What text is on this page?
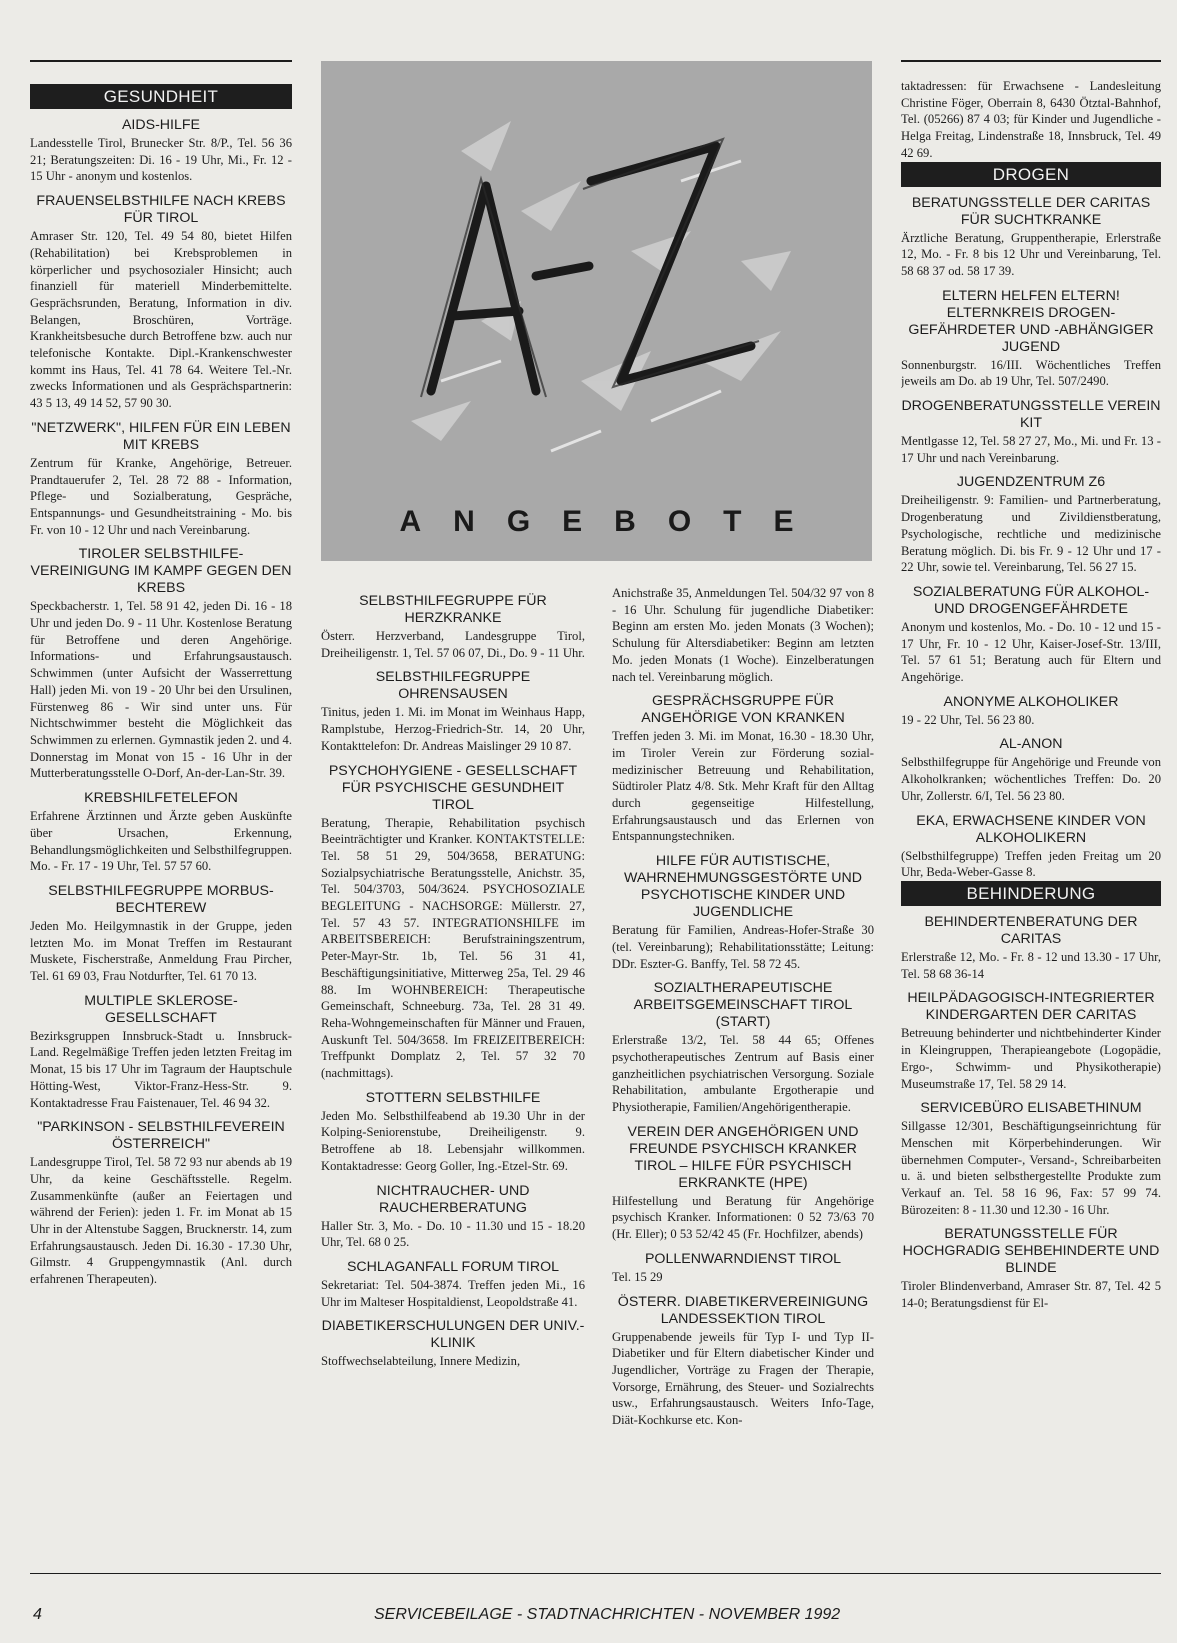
GESUNDHEIT
AIDS-HILFE
Landesstelle Tirol, Brunecker Str. 8/P., Tel. 56 36 21; Beratungszeiten: Di. 16 - 19 Uhr, Mi., Fr. 12 - 15 Uhr - anonym und kostenlos.
FRAUENSELBSTHILFE NACH KREBS FÜR TIROL
Amraser Str. 120, Tel. 49 54 80, bietet Hilfen (Rehabilitation) bei Krebsproblemen in körperlicher und psychosozialer Hinsicht; auch finanziell für materiell Minderbemittelte. Gesprächsrunden, Beratung, Information in div. Belangen, Broschüren, Vorträge. Krankheitsbesuche durch Betroffene bzw. auch nur telefonische Kontakte. Dipl.-Krankenschwester kommt ins Haus, Tel. 41 78 64. Weitere Tel.-Nr. zwecks Informationen und als Gesprächspartnerin: 43 5 13, 49 14 52, 57 90 30.
"NETZWERK", HILFEN FÜR EIN LEBEN MIT KREBS
Zentrum für Kranke, Angehörige, Betreuer. Prandtauerufer 2, Tel. 28 72 88 - Information, Pflege- und Sozialberatung, Gespräche, Entspannungs- und Gesundheitstraining - Mo. bis Fr. von 10 - 12 Uhr und nach Vereinbarung.
TIROLER SELBSTHILFE-VEREINIGUNG IM KAMPF GEGEN DEN KREBS
Speckbacherstr. 1, Tel. 58 91 42, jeden Di. 16 - 18 Uhr und jeden Do. 9 - 11 Uhr. Kostenlose Beratung für Betroffene und deren Angehörige. Informations- und Erfahrungsaustausch. Schwimmen (unter Aufsicht der Wasserrettung Hall) jeden Mi. von 19 - 20 Uhr bei den Ursulinen, Fürstenweg 86 - Wir sind unter uns. Für Nichtschwimmer besteht die Möglichkeit das Schwimmen zu erlernen. Gymnastik jeden 2. und 4. Donnerstag im Monat von 15 - 16 Uhr in der Mutterberatungsstelle O-Dorf, An-der-Lan-Str. 39.
KREBSHILFETELEFON
Erfahrene Ärztinnen und Ärzte geben Auskünfte über Ursachen, Erkennung, Behandlungsmöglichkeiten und Selbsthilfegruppen. Mo. - Fr. 17 - 19 Uhr, Tel. 57 57 60.
SELBSTHILFEGRUPPE MORBUS-BECHTEREW
Jeden Mo. Heilgymnastik in der Gruppe, jeden letzten Mo. im Monat Treffen im Restaurant Muskete, Fischerstraße, Anmeldung Frau Pircher, Tel. 61 69 03, Frau Notdurfter, Tel. 61 70 13.
MULTIPLE SKLEROSE-GESELLSCHAFT
Bezirksgruppen Innsbruck-Stadt u. Innsbruck-Land. Regelmäßige Treffen jeden letzten Freitag im Monat, 15 bis 17 Uhr im Tagraum der Hauptschule Hötting-West, Viktor-Franz-Hess-Str. 9. Kontaktadresse Frau Faistenauer, Tel. 46 94 32.
"PARKINSON - SELBSTHILFEVEREIN ÖSTERREICH"
Landesgruppe Tirol, Tel. 58 72 93 nur abends ab 19 Uhr, da keine Geschäftsstelle. Regelm. Zusammenkünfte (außer an Feiertagen und während der Ferien): jeden 1. Fr. im Monat ab 15 Uhr in der Altenstube Saggen, Brucknerstr. 14, zum Erfahrungsaustausch. Jeden Di. 16.30 - 17.30 Uhr, Gilmstr. 4 Gruppengymnastik (Anl. durch erfahrenen Therapeuten).
ANGEBOTE
SELBSTHILFEGRUPPE FÜR HERZKRANKE
Österr. Herzverband, Landesgruppe Tirol, Dreiheiligenstr. 1, Tel. 57 06 07, Di., Do. 9 - 11 Uhr.
SELBSTHILFEGRUPPE OHRENSAUSEN
Tinitus, jeden 1. Mi. im Monat im Weinhaus Happ, Ramplstube, Herzog-Friedrich-Str. 14, 20 Uhr, Kontakttelefon: Dr. Andreas Maislinger 29 10 87.
PSYCHOHYGIENE - GESELLSCHAFT FÜR PSYCHISCHE GESUNDHEIT TIROL
Beratung, Therapie, Rehabilitation psychisch Beeinträchtigter und Kranker. KONTAKTSTELLE: Tel. 58 51 29, 504/3658, BERATUNG: Sozialpsychiatrische Beratungsstelle, Anichstr. 35, Tel. 504/3703, 504/3624. PSYCHOSOZIALE BEGLEITUNG - NACHSORGE: Müllerstr. 27, Tel. 57 43 57. INTEGRATIONSHILFE im ARBEITSBEREICH: Berufstrainingszentrum, Peter-Mayr-Str. 1b, Tel. 56 31 41, Beschäftigungsinitiative, Mitterweg 25a, Tel. 29 46 88. Im WOHNBEREICH: Therapeutische Gemeinschaft, Schneeburg. 73a, Tel. 28 31 49. Reha-Wohngemeinschaften für Männer und Frauen, Auskunft Tel. 504/3658. Im FREIZEITBEREICH: Treffpunkt Domplatz 2, Tel. 57 32 70 (nachmittags).
STOTTERN SELBSTHILFE
Jeden Mo. Selbsthilfeabend ab 19.30 Uhr in der Kolping-Seniorenstube, Dreiheiligenstr. 9. Betroffene ab 18. Lebensjahr willkommen. Kontaktadresse: Georg Goller, Ing.-Etzel-Str. 69.
NICHTRAUCHER- UND RAUCHERBERATUNG
Haller Str. 3, Mo. - Do. 10 - 11.30 und 15 - 18.20 Uhr, Tel. 68 0 25.
SCHLAGANFALL FORUM TIROL
Sekretariat: Tel. 504-3874. Treffen jeden Mi., 16 Uhr im Malteser Hospitaldienst, Leopoldstraße 41.
DIABETIKERSCHULUNGEN DER UNIV.-KLINIK
Stoffwechselabteilung, Innere Medizin,
Anichstraße 35, Anmeldungen Tel. 504/32 97 von 8 - 16 Uhr. Schulung für jugendliche Diabetiker: Beginn am ersten Mo. jeden Monats (3 Wochen); Schulung für Altersdiabetiker: Beginn am letzten Mo. jeden Monats (1 Woche). Einzelberatungen nach tel. Vereinbarung möglich.
GESPRÄCHSGRUPPE FÜR ANGEHÖRIGE VON KRANKEN
Treffen jeden 3. Mi. im Monat, 16.30 - 18.30 Uhr, im Tiroler Verein zur Förderung sozial-medizinischer Betreuung und Rehabilitation, Südtiroler Platz 4/8. Stk. Mehr Kraft für den Alltag durch gegenseitige Hilfestellung, Erfahrungsaustausch und das Erlernen von Entspannungstechniken.
HILFE FÜR AUTISTISCHE, WAHRNEHMUNGSGESTÖRTE UND PSYCHOTISCHE KINDER UND JUGENDLICHE
Beratung für Familien, Andreas-Hofer-Straße 30 (tel. Vereinbarung); Rehabilitationsstätte; Leitung: DDr. Eszter-G. Banffy, Tel. 58 72 45.
SOZIALTHERAPEUTISCHE ARBEITSGEMEINSCHAFT TIROL (START)
Erlerstraße 13/2, Tel. 58 44 65; Offenes psychotherapeutisches Zentrum auf Basis einer ganzheitlichen psychiatrischen Versorgung. Soziale Rehabilitation, ambulante Ergotherapie und Physiotherapie, Familien/Angehörigentherapie.
VEREIN DER ANGEHÖRIGEN UND FREUNDE PSYCHISCH KRANKER TIROL – HILFE FÜR PSYCHISCH ERKRANKTE (HPE)
Hilfestellung und Beratung für Angehörige psychisch Kranker. Informationen: 0 52 73/63 70 (Hr. Eller); 0 53 52/42 45 (Fr. Hochfilzer, abends)
POLLENWARNDIENST TIROL
Tel. 15 29
ÖSTERR. DIABETIKERVEREINIGUNG LANDESSEKTION TIROL
Gruppenabende jeweils für Typ I- und Typ II-Diabetiker und für Eltern diabetischer Kinder und Jugendlicher, Vorträge zu Fragen der Therapie, Vorsorge, Ernährung, des Steuer- und Sozialrechts usw., Erfahrungsaustausch. Weiters Info-Tage, Diät-Kochkurse etc. Kon-
taktadressen: für Erwachsene - Landesleitung Christine Föger, Oberrain 8, 6430 Ötztal-Bahnhof, Tel. (05266) 87 4 03; für Kinder und Jugendliche - Helga Freitag, Lindenstraße 18, Innsbruck, Tel. 49 42 69.
DROGEN
BERATUNGSSTELLE DER CARITAS FÜR SUCHTKRANKE
Ärztliche Beratung, Gruppentherapie, Erlerstraße 12, Mo. - Fr. 8 bis 12 Uhr und Vereinbarung, Tel. 58 68 37 od. 58 17 39.
ELTERN HELFEN ELTERN! ELTERNKREIS DROGEN-GEFÄHRDETER UND -ABHÄNGIGER JUGEND
Sonnenburgstr. 16/III. Wöchentliches Treffen jeweils am Do. ab 19 Uhr, Tel. 507/2490.
DROGENBERATUNGSSTELLE VEREIN KIT
Mentlgasse 12, Tel. 58 27 27, Mo., Mi. und Fr. 13 - 17 Uhr und nach Vereinbarung.
JUGENDZENTRUM Z6
Dreiheiligenstr. 9: Familien- und Partnerberatung, Drogenberatung und Zivildienstberatung, Psychologische, rechtliche und medizinische Beratung möglich. Di. bis Fr. 9 - 12 Uhr und 17 - 22 Uhr, sowie tel. Vereinbarung, Tel. 56 27 15.
SOZIALBERATUNG FÜR ALKOHOL- UND DROGENGEFÄHRDETE
Anonym und kostenlos, Mo. - Do. 10 - 12 und 15 - 17 Uhr, Fr. 10 - 12 Uhr, Kaiser-Josef-Str. 13/III, Tel. 57 61 51; Beratung auch für Eltern und Angehörige.
ANONYME ALKOHOLIKER
19 - 22 Uhr, Tel. 56 23 80.
AL-ANON
Selbsthilfegruppe für Angehörige und Freunde von Alkoholkranken; wöchentliches Treffen: Do. 20 Uhr, Zollerstr. 6/I, Tel. 56 23 80.
EKA, ERWACHSENE KINDER VON ALKOHOLIKERN
(Selbsthilfegruppe) Treffen jeden Freitag um 20 Uhr, Beda-Weber-Gasse 8.
BEHINDERUNG
BEHINDERTENBERATUNG DER CARITAS
Erlerstraße 12, Mo. - Fr. 8 - 12 und 13.30 - 17 Uhr, Tel. 58 68 36-14
HEILPÄDAGOGISCH-INTEGRIERTER KINDERGARTEN DER CARITAS
Betreuung behinderter und nichtbehinderter Kinder in Kleingruppen, Therapieangebote (Logopädie, Ergo-, Schwimm- und Physikotherapie) Museumstraße 17, Tel. 58 29 14.
SERVICEBÜRO ELISABETHINUM
Sillgasse 12/301, Beschäftigungseinrichtung für Menschen mit Körperbehinderungen. Wir übernehmen Computer-, Versand-, Schreibarbeiten u. ä. und bieten selbsthergestellte Produkte zum Verkauf an. Tel. 58 16 96, Fax: 57 99 74. Bürozeiten: 8 - 11.30 und 12.30 - 16 Uhr.
BERATUNGSSTELLE FÜR HOCHGRADIG SEHBEHINDERTE UND BLINDE
Tiroler Blindenverband, Amraser Str. 87, Tel. 42 5 14-0; Beratungsdienst für El-
4	SERVICEBEILAGE - STADTNACHRICHTEN - NOVEMBER 1992
